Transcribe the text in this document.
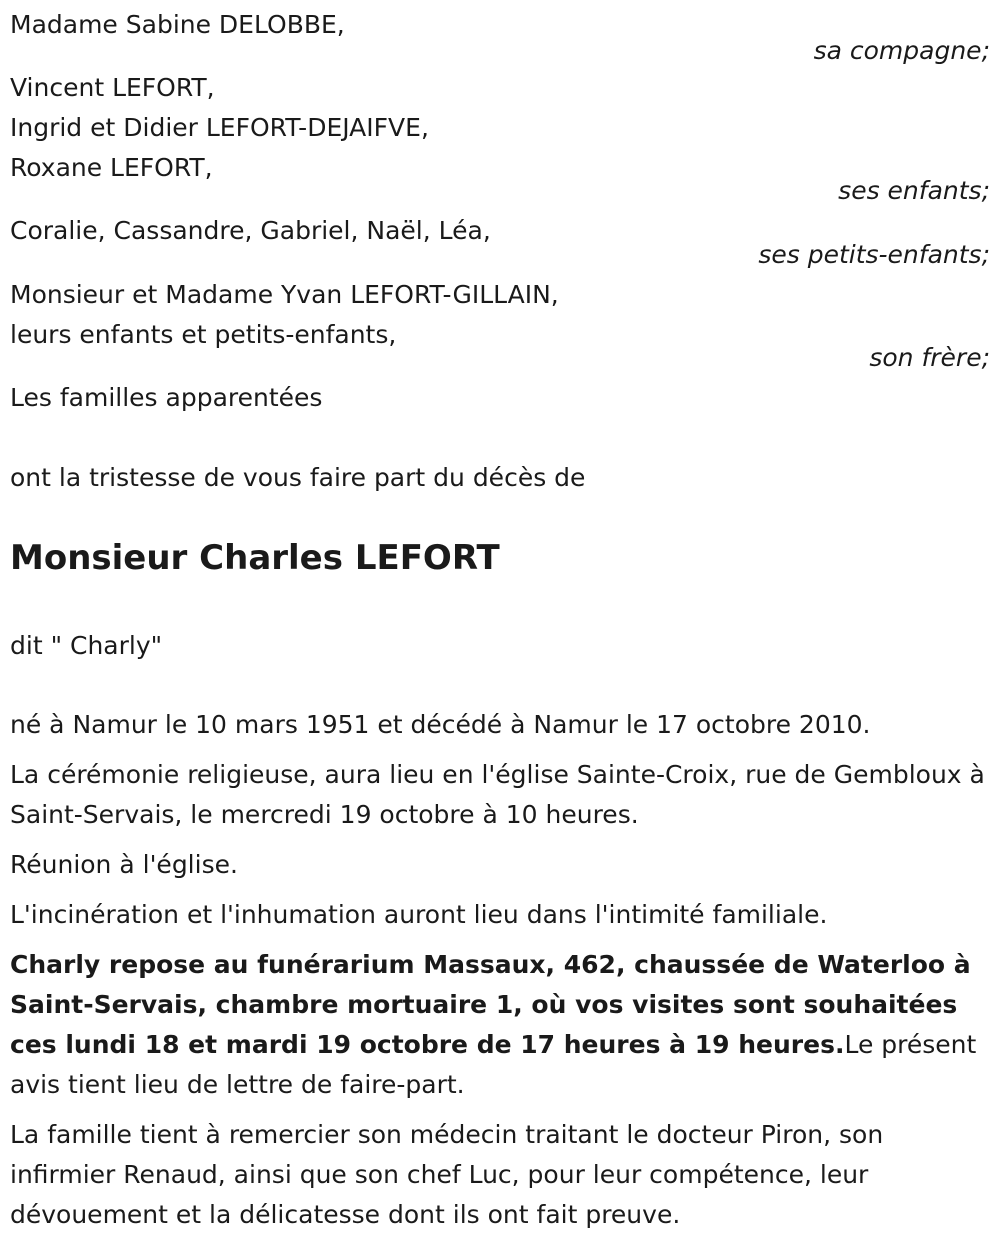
Madame Sabine DELOBBE,
sa compagne;
Vincent LEFORT,
Ingrid et Didier LEFORT-DEJAIFVE,
Roxane LEFORT,
ses enfants;
Coralie, Cassandre, Gabriel, Naël, Léa,
ses petits-enfants;
Monsieur et Madame Yvan LEFORT-GILLAIN,
leurs enfants et petits-enfants,
son frère;
Les familles apparentées
ont la tristesse de vous faire part du décès de
Monsieur Charles LEFORT
dit " Charly"

né à Namur le 10 mars 1951 et décédé à Namur le 17 octobre 2010.

La cérémonie religieuse, aura lieu en l'église Sainte-Croix, rue de Gembloux à Saint-Servais, le mercredi 19 octobre à 10 heures.

Réunion à l'église.

L'incinération et l'inhumation auront lieu dans l'intimité familiale.

Charly repose au funérarium Massaux, 462, chaussée de Waterloo à Saint-Servais, chambre mortuaire 1, où vos visites sont souhaitées ces lundi 18 et mardi 19 octobre de 17 heures à 19 heures.Le présent avis tient lieu de lettre de faire-part.

La famille tient à remercier son médecin traitant le docteur Piron, son infirmier Renaud, ainsi que son chef Luc, pour leur compétence, leur dévouement et la délicatesse dont ils ont fait preuve.
